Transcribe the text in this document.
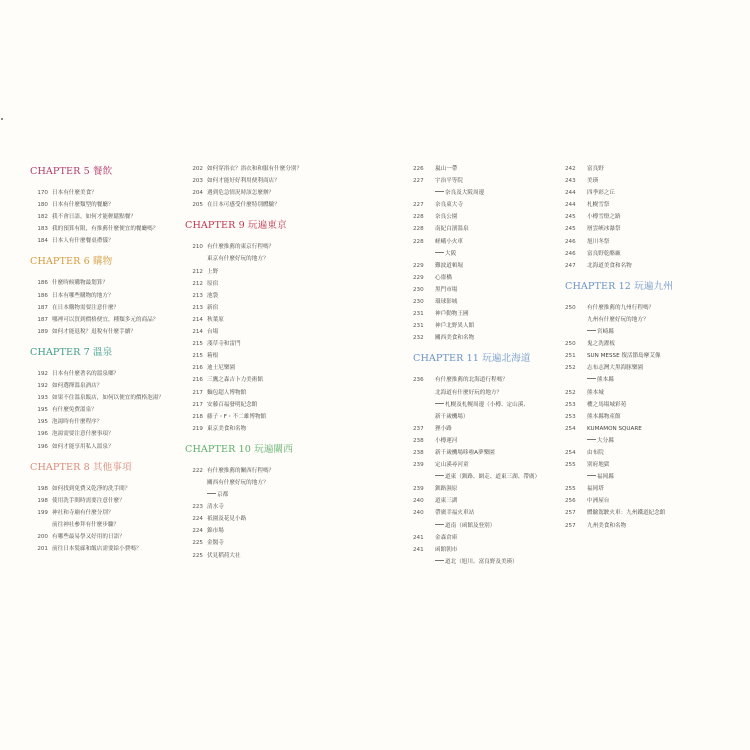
CHAPTER 5 餐飲
170 日本有什麼美食？
180 日本有什麼類型的餐廳？
182 我不會日語，如何才能輕鬆點餐？
183 我的預算有限，有推薦什麼便宜的餐廳嗎？
184 日本人有什麼餐桌禮儀？
CHAPTER 6 購物
186 什麼時候購物最划算？
186 日本有哪些購物的地方？
187 在日本購物需要注意什麼？
187 哪裡可以買到價格便宜，種類多元的商品？
189 如何才能退稅？退稅有什麼手續？
CHAPTER 7 溫泉
192 日本有什麼著名的溫泉鄉？
192 如何選擇溫泉酒店？
193 如果不住溫泉飯店，如何以便宜的價格泡湯？
195 有什麼免費溫泉？
195 泡湯時有什麼程序？
196 泡湯需要注意什麼事項？
196 如何才能享用私人溫泉？
CHAPTER 8 其他事項
198 如何找到免費又乾淨的洗手間？
198 使用洗手間時需要注意什麼？
199 神社和寺廟有什麼分別？
前往神社參拜有什麼步驟？
200 有哪些最易學又好用的日語？
201 前往日本髮廊和飯店需要給小費嗎？
202 如何穿浴衣？浴衣和和服有什麼分別？
203 如何才能好好利用便利商店？
204 遇到危急情況時該怎麼辦？
205 在日本可感受什麼特別體驗？
CHAPTER 9 玩遍東京
210 有什麼推薦的東京行程嗎？
東京有什麼好玩的地方？
212 上野
212 原宿
213 池袋
213 新宿
214 秋葉原
214 台場
215 淺草寺和雷門
215 箱根
216 迪士尼樂園
216 三鷹之森吉卜力美術館
217 麵包超人博物館
217 安藤百福發明紀念館
218 藤子・F・不二雄博物館
219 東京美食和名物
CHAPTER 10 玩遍關西
222 有什麼推薦的關西行程嗎？
關西有什麼好玩的地方？
京都
223 清水寺
224 祇園及花見小路
224 錦市場
225 金閣寺
225 伏見稻荷大社
226	嵐山一帶
227	宇治平等院
奈良及大阪周邊
227	奈良東大寺
228	奈良公園
228	南紀白濱溫泉
228	嵯峨小火車
大阪
229	難波道頓堀
229	心齋橋
230	黑門市場
230	環球影城
231	神戶動物王國
231	神戶北野異人館
232	關西美食和名物
CHAPTER 11 玩遍北海道
236	有什麼推薦的北海道行程嗎？
北海道有什麼好玩的地方？
札幌及札幌周邊（小樽、定山溪、
新千歲機場）
237	狸小路
238	小樽運河
238	新千歲機場哆啦A夢樂園
239	定山溪尋河童
道東（釧路、網走、道東三湖、帶廣）
239	釧路濕原
240	道東三湖
240	帶廣幸福火車站
道南（函館及登別）
241	金森倉庫
241	函館朝市
道北（旭川、富良野及美瑛）
242	富良野
243	美瑛
244	四季彩之丘
244	札幌雪祭
245	小樽雪燈之路
245	層雲峽冰瀑祭
246	旭川冬祭
246	富良野乾酪廠
247	北海道美食和名物
CHAPTER 12 玩遍九州
250	有什麼推薦的九州行程嗎？
九州有什麼好玩的地方？
宮崎縣
250	鬼之洗濯板
251	SUN MESSE 復活節島摩艾像
252	志布志灣大黑海豚樂園
熊本縣
252	熊本城
253	櫻之馬場城彩苑
253	熊本縣物產館
254	KUMAMON SQUARE
大分縣
254	由布院
255	別府地獄
福岡縣
255	福岡塔
256	中洲屋台
257	體驗駕駛火車：九州鐵道紀念館
257	九州美食和名物
